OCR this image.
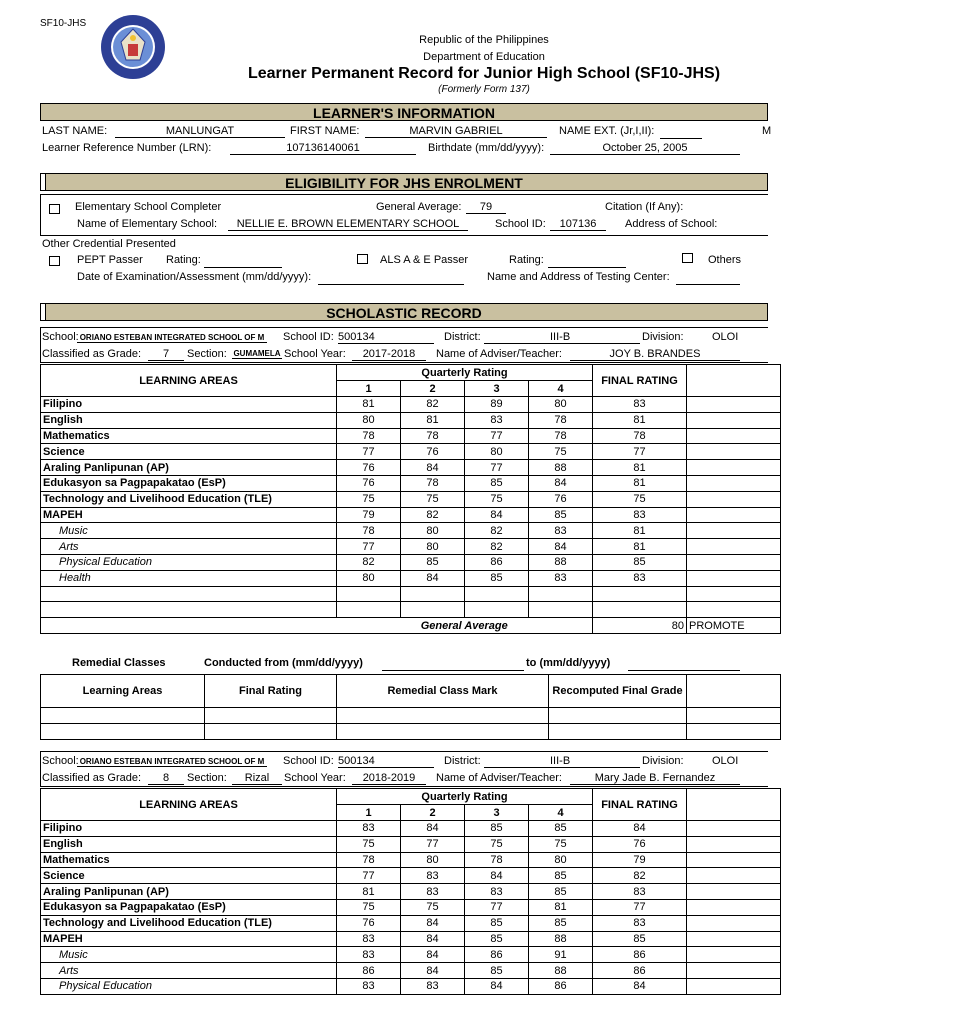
SF10-JHS
Republic of the Philippines
Department of Education
Learner Permanent Record for Junior High School (SF10-JHS)
(Formerly Form 137)
LEARNER'S INFORMATION
LAST NAME:	MANLUNGAT	FIRST NAME:	MARVIN GABRIEL	NAME EXT. (Jr,I,II):	M
Learner Reference Number (LRN):	107136140061	Birthdate (mm/dd/yyyy):	October 25, 2005
ELIGIBILITY FOR JHS ENROLMENT
Elementary School Completer	General Average:	79	Citation (If Any):
Name of Elementary School:	NELLIE E. BROWN ELEMENTARY SCHOOL	School ID:	107136	Address of School:
Other Credential Presented
PEPT Passer Rating:	ALS A & E Passer	Rating:	Others
Date of Examination/Assessment (mm/dd/yyyy):	Name and Address of Testing Center:
SCHOLASTIC RECORD
School: ORIANO ESTEBAN INTEGRATED SCHOOL OF M School ID: 500134	District:	III-B	Division:	OLOI
Classified as Grade:	7	Section: GUMAMELA School Year:	2017-2018	Name of Adviser/Teacher:	JOY B. BRANDES
LEARNING AREAS	Quarterly Rating				FINAL RATING	
	1	2	3	4		
Filipino	81	82	89	80	83	
English	80	81	83	78	81	
Mathematics	78	78	77	78	78	
Science	77	76	80	75	77	
Araling Panlipunan (AP)	76	84	77	88	81	
Edukasyon sa Pagpapakatao (EsP)	76	78	85	84	81	
Technology and Livelihood Education (TLE)	75	75	75	76	75	
MAPEH	79	82	84	85	83	
Music	78	80	82	83	81	
Arts	77	80	82	84	81	
Physical Education	82	85	86	88	85	
Health	80	84	85	83	83	

	General Average				80	PROMOTE
Remedial Classes	Conducted from (mm/dd/yyyy)	to (mm/dd/yyyy)
Learning Areas	Final Rating	Remedial Class Mark	Recomputed Final Grade	

School: ORIANO ESTEBAN INTEGRATED SCHOOL OF M School ID: 500134	District:	III-B	Division:	OLOI
Classified as Grade:	8	Section:	Rizal	School Year:	2018-2019	Name of Adviser/Teacher:	Mary Jade B. Fernandez
LEARNING AREAS	Quarterly Rating				FINAL RATING	
	1	2	3	4		
Filipino	83	84	85	85	84	
English	75	77	75	75	76	
Mathematics	78	80	78	80	79	
Science	77	83	84	85	82	
Araling Panlipunan (AP)	81	83	83	85	83	
Edukasyon sa Pagpapakatao (EsP)	75	75	77	81	77	
Technology and Livelihood Education (TLE)	76	84	85	85	83	
MAPEH	83	84	85	88	85	
Music	83	84	86	91	86	
Arts	86	84	85	88	86	
Physical Education	83	83	84	86	84	
